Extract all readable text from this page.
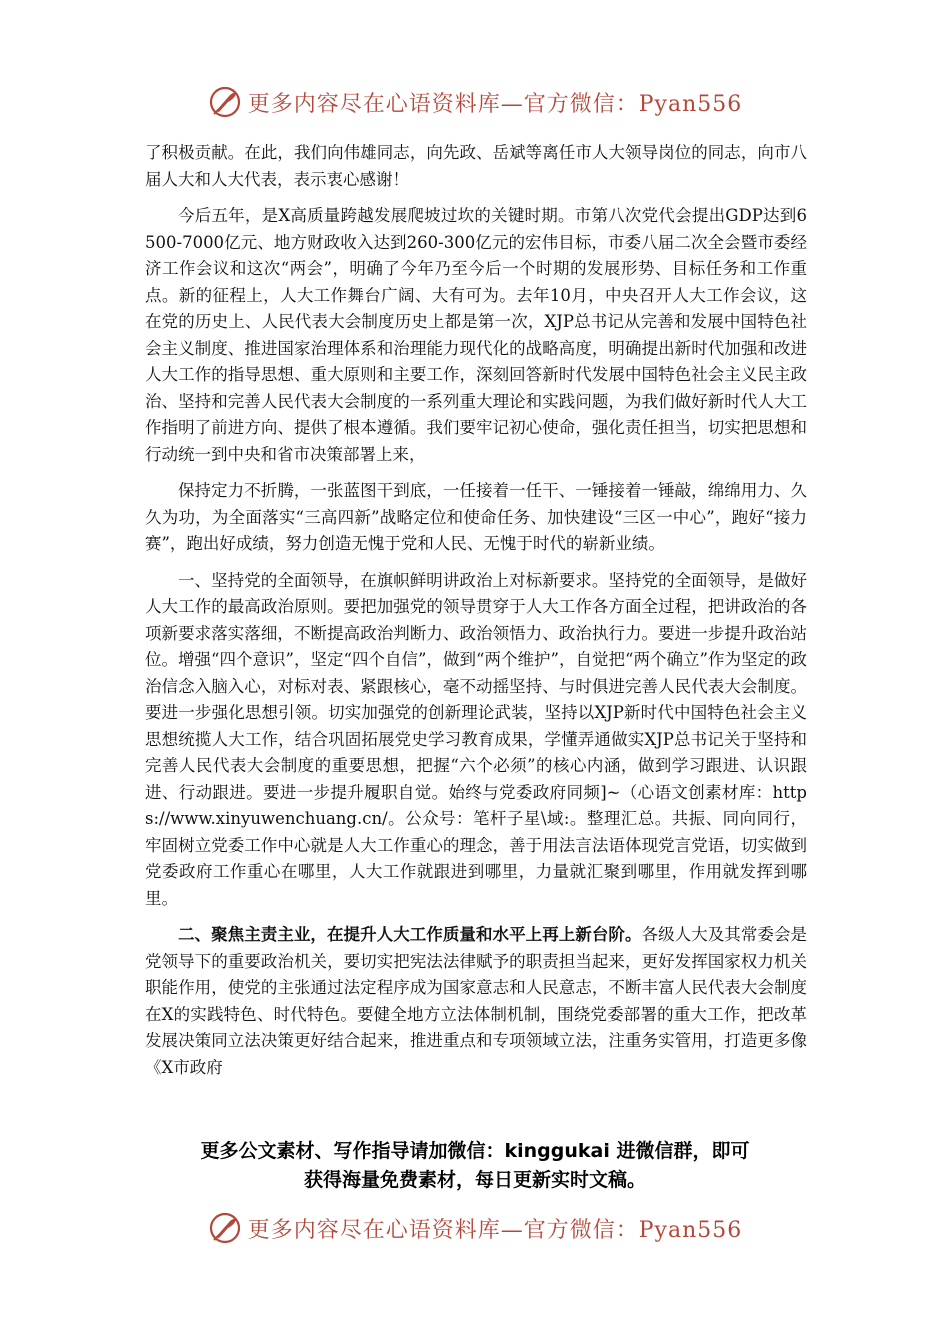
更多内容尽在心语资料库—官方微信：Pyan556

了积极贡献。在此，我们向伟雄同志，向先政、岳斌等离任市人大领导岗位的同志，向市八届人大和人大代表，表示衷心感谢！

今后五年，是X高质量跨越发展爬坡过坎的关键时期。市第八次党代会提出GDP达到6500-7000亿元、地方财政收入达到260-300亿元的宏伟目标，市委八届二次全会暨市委经济工作会议和这次“两会”，明确了今年乃至今后一个时期的发展形势、目标任务和工作重点。新的征程上，人大工作舞台广阔、大有可为。去年10月，中央召开人大工作会议，这在党的历史上、人民代表大会制度历史上都是第一次，XJP总书记从完善和发展中国特色社会主义制度、推进国家治理体系和治理能力现代化的战略高度，明确提出新时代加强和改进人大工作的指导思想、重大原则和主要工作，深刻回答新时代发展中国特色社会主义民主政治、坚持和完善人民代表大会制度的一系列重大理论和实践问题，为我们做好新时代人大工作指明了前进方向、提供了根本遵循。我们要牢记初心使命，强化责任担当，切实把思想和行动统一到中央和省市决策部署上来，

保持定力不折腾，一张蓝图干到底，一任接着一任干、一锤接着一锤敲，绵绵用力、久久为功，为全面落实“三高四新”战略定位和使命任务、加快建设“三区一中心”，跑好“接力赛”，跑出好成绩，努力创造无愧于党和人民、无愧于时代的崭新业绩。

一、坚持党的全面领导，在旗帜鲜明讲政治上对标新要求。坚持党的全面领导，是做好人大工作的最高政治原则。要把加强党的领导贯穿于人大工作各方面全过程，把讲政治的各项新要求落实落细，不断提高政治判断力、政治领悟力、政治执行力。要进一步提升政治站位。增强“四个意识”，坚定“四个自信”，做到“两个维护”，自觉把“两个确立”作为坚定的政治信念入脑入心，对标对表、紧跟核心，毫不动摇坚持、与时俱进完善人民代表大会制度。要进一步强化思想引领。切实加强党的创新理论武装，坚持以XJP新时代中国特色社会主义思想统揽人大工作，结合巩固拓展党史学习教育成果，学懂弄通做实XJP总书记关于坚持和完善人民代表大会制度的重要思想，把握“六个必须”的核心内涵，做到学习跟进、认识跟进、行动跟进。要进一步提升履职自觉。始终与党委政府同频]~（心语文创素材库：https://www.xinyuwenchuang.cn/。公众号：笔杆子星\域:。整理汇总。共振、同向同行，牢固树立党委工作中心就是人大工作重心的理念，善于用法言法语体现党言党语，切实做到党委政府工作重心在哪里，人大工作就跟进到哪里，力量就汇聚到哪里，作用就发挥到哪里。

二、聚焦主责主业，在提升人大工作质量和水平上再上新台阶。各级人大及其常委会是党领导下的重要政治机关，要切实把宪法法律赋予的职责担当起来，更好发挥国家权力机关职能作用，使党的主张通过法定程序成为国家意志和人民意志，不断丰富人民代表大会制度在X的实践特色、时代特色。要健全地方立法体制机制，围绕党委部署的重大工作，把改革发展决策同立法决策更好结合起来，推进重点和专项领域立法，注重务实管用，打造更多像《X市政府

更多公文素材、写作指导请加微信：kinggukai 进微信群，即可
获得海量免费素材，每日更新实时文稿。
更多内容尽在心语资料库—官方微信：Pyan556
